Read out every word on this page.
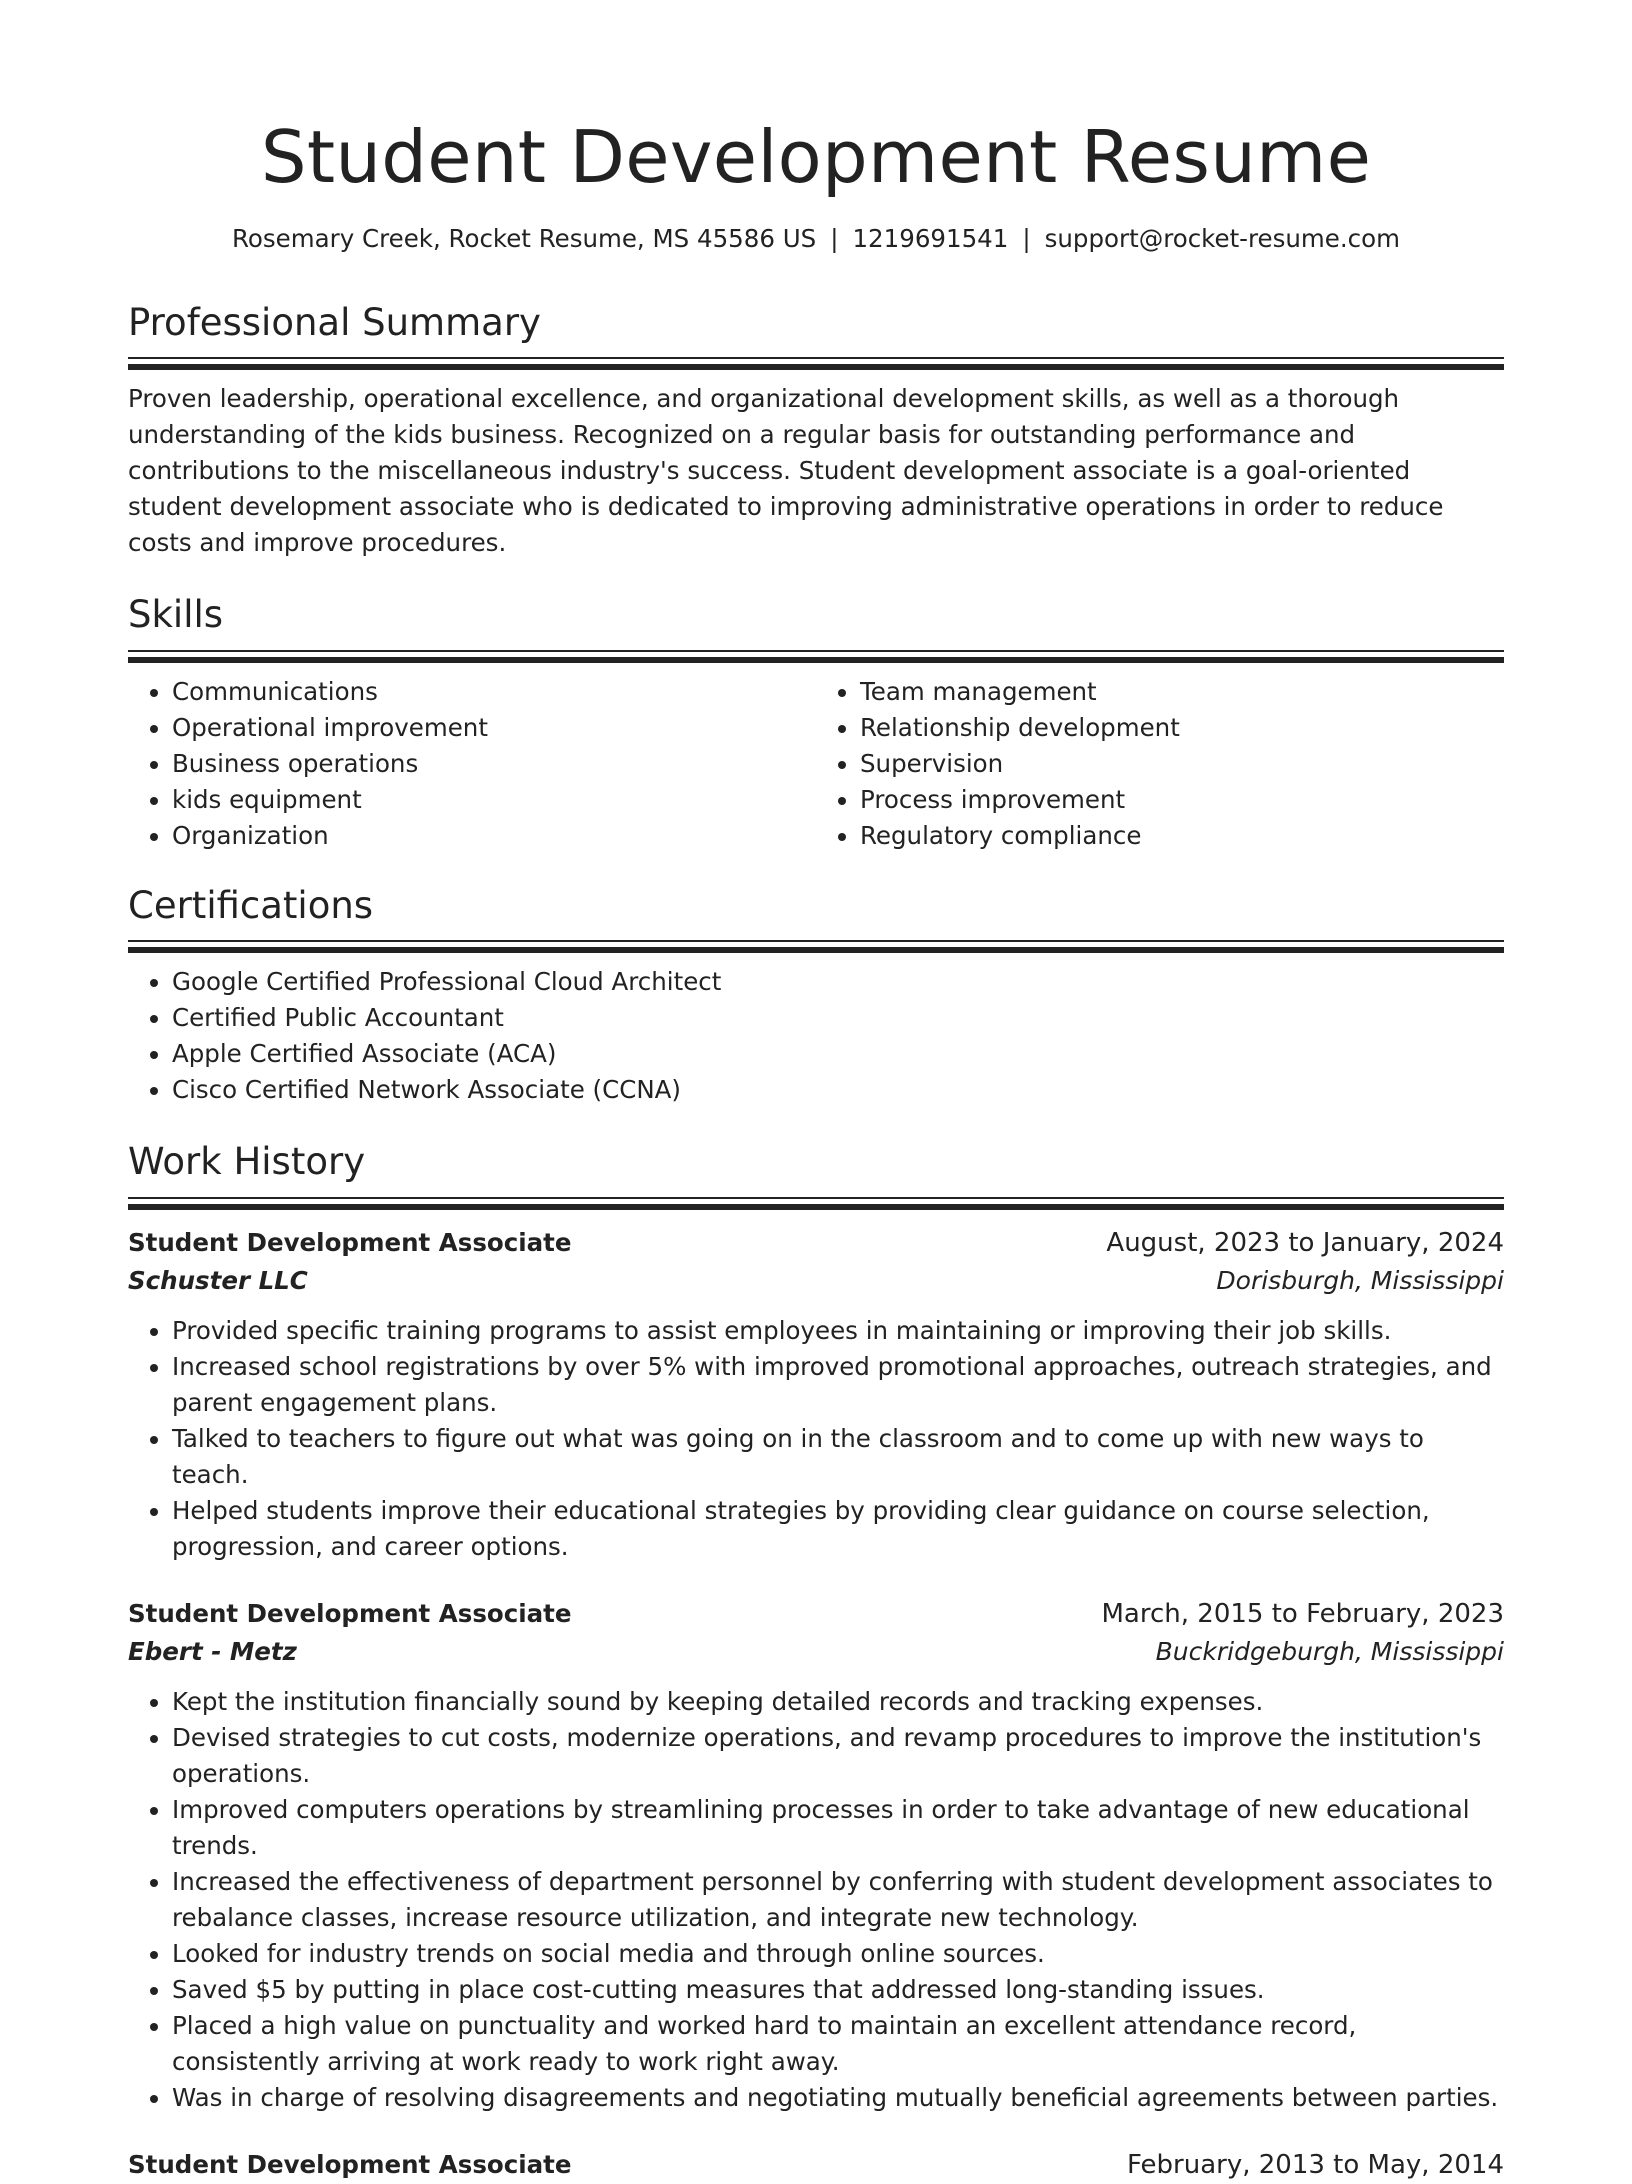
Student Development Resume
Rosemary Creek, Rocket Resume, MS 45586 US | 1219691541 | support@rocket-resume.com
Professional Summary

Proven leadership, operational excellence, and organizational development skills, as well as a thorough understanding of the kids business. Recognized on a regular basis for outstanding performance and contributions to the miscellaneous industry's success. Student development associate is a goal-oriented student development associate who is dedicated to improving administrative operations in order to reduce costs and improve procedures.

Skills
• Communications
• Operational improvement
• Business operations
• kids equipment
• Organization
• Team management
• Relationship development
• Supervision
• Process improvement
• Regulatory compliance
Certifications
• Google Certified Professional Cloud Architect
• Certified Public Accountant
• Apple Certified Associate (ACA)
• Cisco Certified Network Associate (CCNA)
Work History
Student Development Associate	August, 2023 to January, 2024
Schuster LLC	Dorisburgh, Mississippi
• Provided specific training programs to assist employees in maintaining or improving their job skills.
• Increased school registrations by over 5% with improved promotional approaches, outreach strategies, and parent engagement plans.
• Talked to teachers to figure out what was going on in the classroom and to come up with new ways to teach.
• Helped students improve their educational strategies by providing clear guidance on course selection, progression, and career options.
Student Development Associate	March, 2015 to February, 2023
Ebert - Metz	Buckridgeburgh, Mississippi
• Kept the institution financially sound by keeping detailed records and tracking expenses.
• Devised strategies to cut costs, modernize operations, and revamp procedures to improve the institution's operations.
• Improved computers operations by streamlining processes in order to take advantage of new educational trends.
• Increased the effectiveness of department personnel by conferring with student development associates to rebalance classes, increase resource utilization, and integrate new technology.
• Looked for industry trends on social media and through online sources.
• Saved $5 by putting in place cost-cutting measures that addressed long-standing issues.
• Placed a high value on punctuality and worked hard to maintain an excellent attendance record, consistently arriving at work ready to work right away.
• Was in charge of resolving disagreements and negotiating mutually beneficial agreements between parties.
Student Development Associate	February, 2013 to May, 2014
